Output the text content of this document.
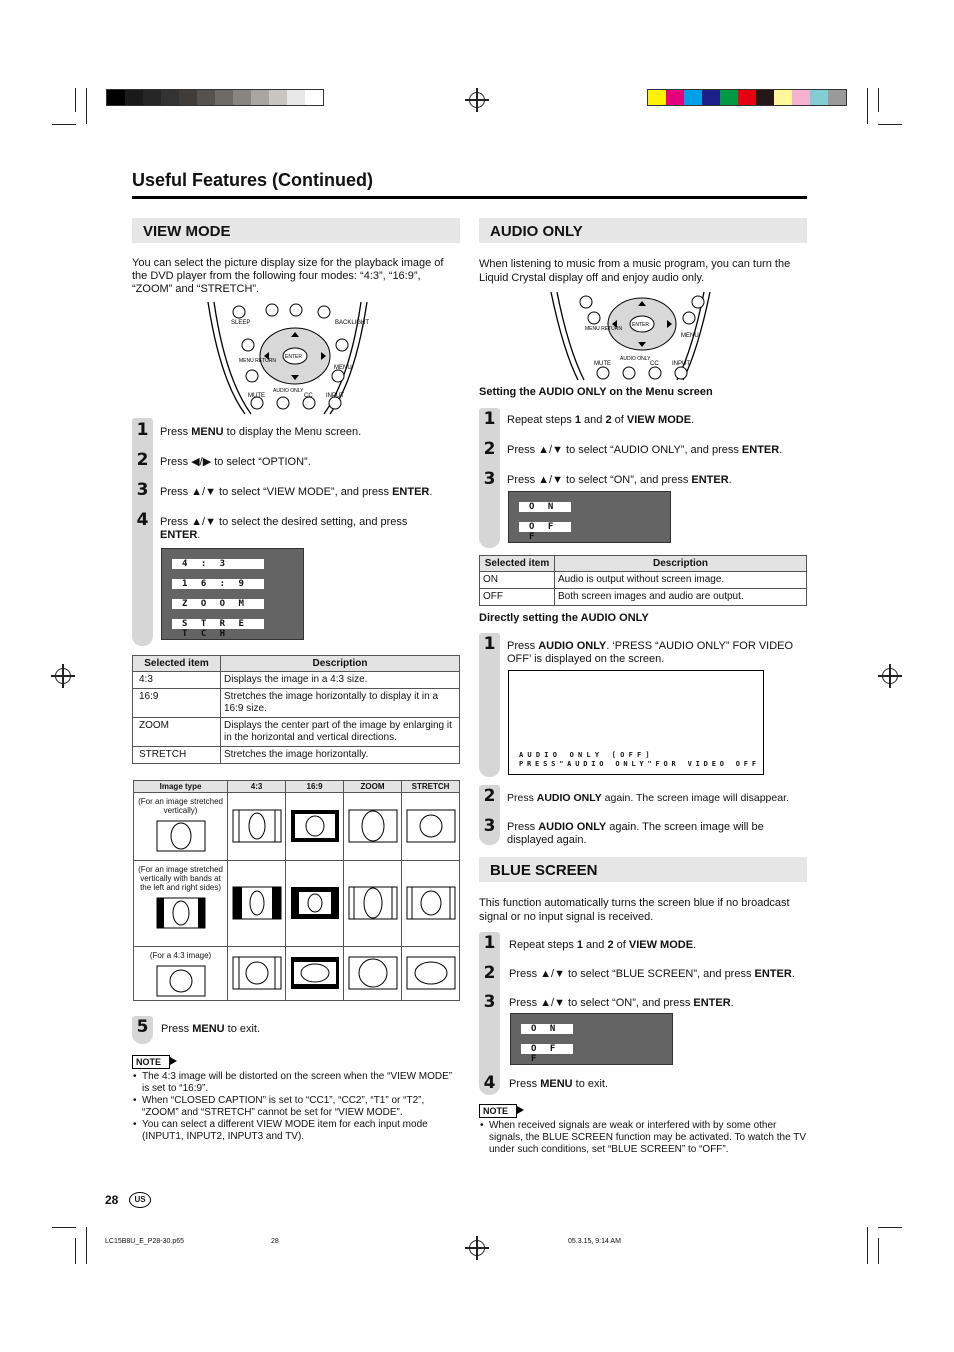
Useful Features (Continued)
VIEW MODE
You can select the picture display size for the playback image of the DVD player from the following four modes: “4:3”, “16:9”, “ZOOM” and “STRETCH”.
SLEEP	BACKLIGHT
MENU RETURN
ENTER
MENU
MUTE
AUDIO ONLY
CC INPUT
1	Press MENU to display the Menu screen.
2	Press ◀/▶ to select “OPTION”.
3	Press ▲/▼ to select “VIEW MODE”, and press ENTER.
4	Press ▲/▼ to select the desired setting, and press ENTER.
4 : 3
1 6 : 9
Z O O M
S T R E T C H
Selected item	Description
4:3	Displays the image in a 4:3 size.
16:9	Stretches the image horizontally to display it in a 16:9 size.
ZOOM	Displays the center part of the image by enlarging it in the horizontal and vertical directions.
STRETCH	Stretches the image horizontally.
Image type	4:3	16:9	ZOOM	STRETCH

(For an image stretched vertically)

(For an image stretched vertically with bands at the left and right sides)

(For a 4:3 image)

5	Press MENU to exit.
NOTE
• The 4:3 image will be distorted on the screen when the “VIEW MODE” is set to “16:9”.
• When “CLOSED CAPTION” is set to “CC1”, “CC2”, “T1” or “T2”, “ZOOM” and “STRETCH” cannot be set for “VIEW MODE”.
• You can select a different VIEW MODE item for each input mode (INPUT1, INPUT2, INPUT3 and TV).
AUDIO ONLY
When listening to music from a music program, you can turn the Liquid Crystal display off and enjoy audio only.
MENU RETURN
ENTER
MENU
MUTE
AUDIO ONLY
CC INPUT
Setting the AUDIO ONLY on the Menu screen
1	Repeat steps 1 and 2 of VIEW MODE.
2	Press ▲/▼ to select “AUDIO ONLY”, and press ENTER.
3	Press ▲/▼ to select “ON”, and press ENTER.
O N
O F F
Selected item	Description
ON	Audio is output without screen image.
OFF	Both screen images and audio are output.
Directly setting the AUDIO ONLY
1	Press AUDIO ONLY. ‘PRESS “AUDIO ONLY” FOR VIDEO OFF’ is displayed on the screen.
A U D I O   O N L Y   [ O F F ]
P R E S S " A U D I O   O N L Y " F O R   V I D E O   O F F
2	Press AUDIO ONLY again. The screen image will disappear.
3	Press AUDIO ONLY again. The screen image will be displayed again.
BLUE SCREEN
This function automatically turns the screen blue if no broadcast signal or no input signal is received.
1	Repeat steps 1 and 2 of VIEW MODE.
2	Press ▲/▼ to select “BLUE SCREEN”, and press ENTER.
3	Press ▲/▼ to select “ON”, and press ENTER.
O N
O F F
4	Press MENU to exit.
NOTE
• When received signals are weak or interfered with by some other signals, the BLUE SCREEN function may be activated. To watch the TV under such conditions, set “BLUE SCREEN” to “OFF”.
28	US
LC15B8U_E_P28-30.p65	28	05.3.15, 9:14 AM
